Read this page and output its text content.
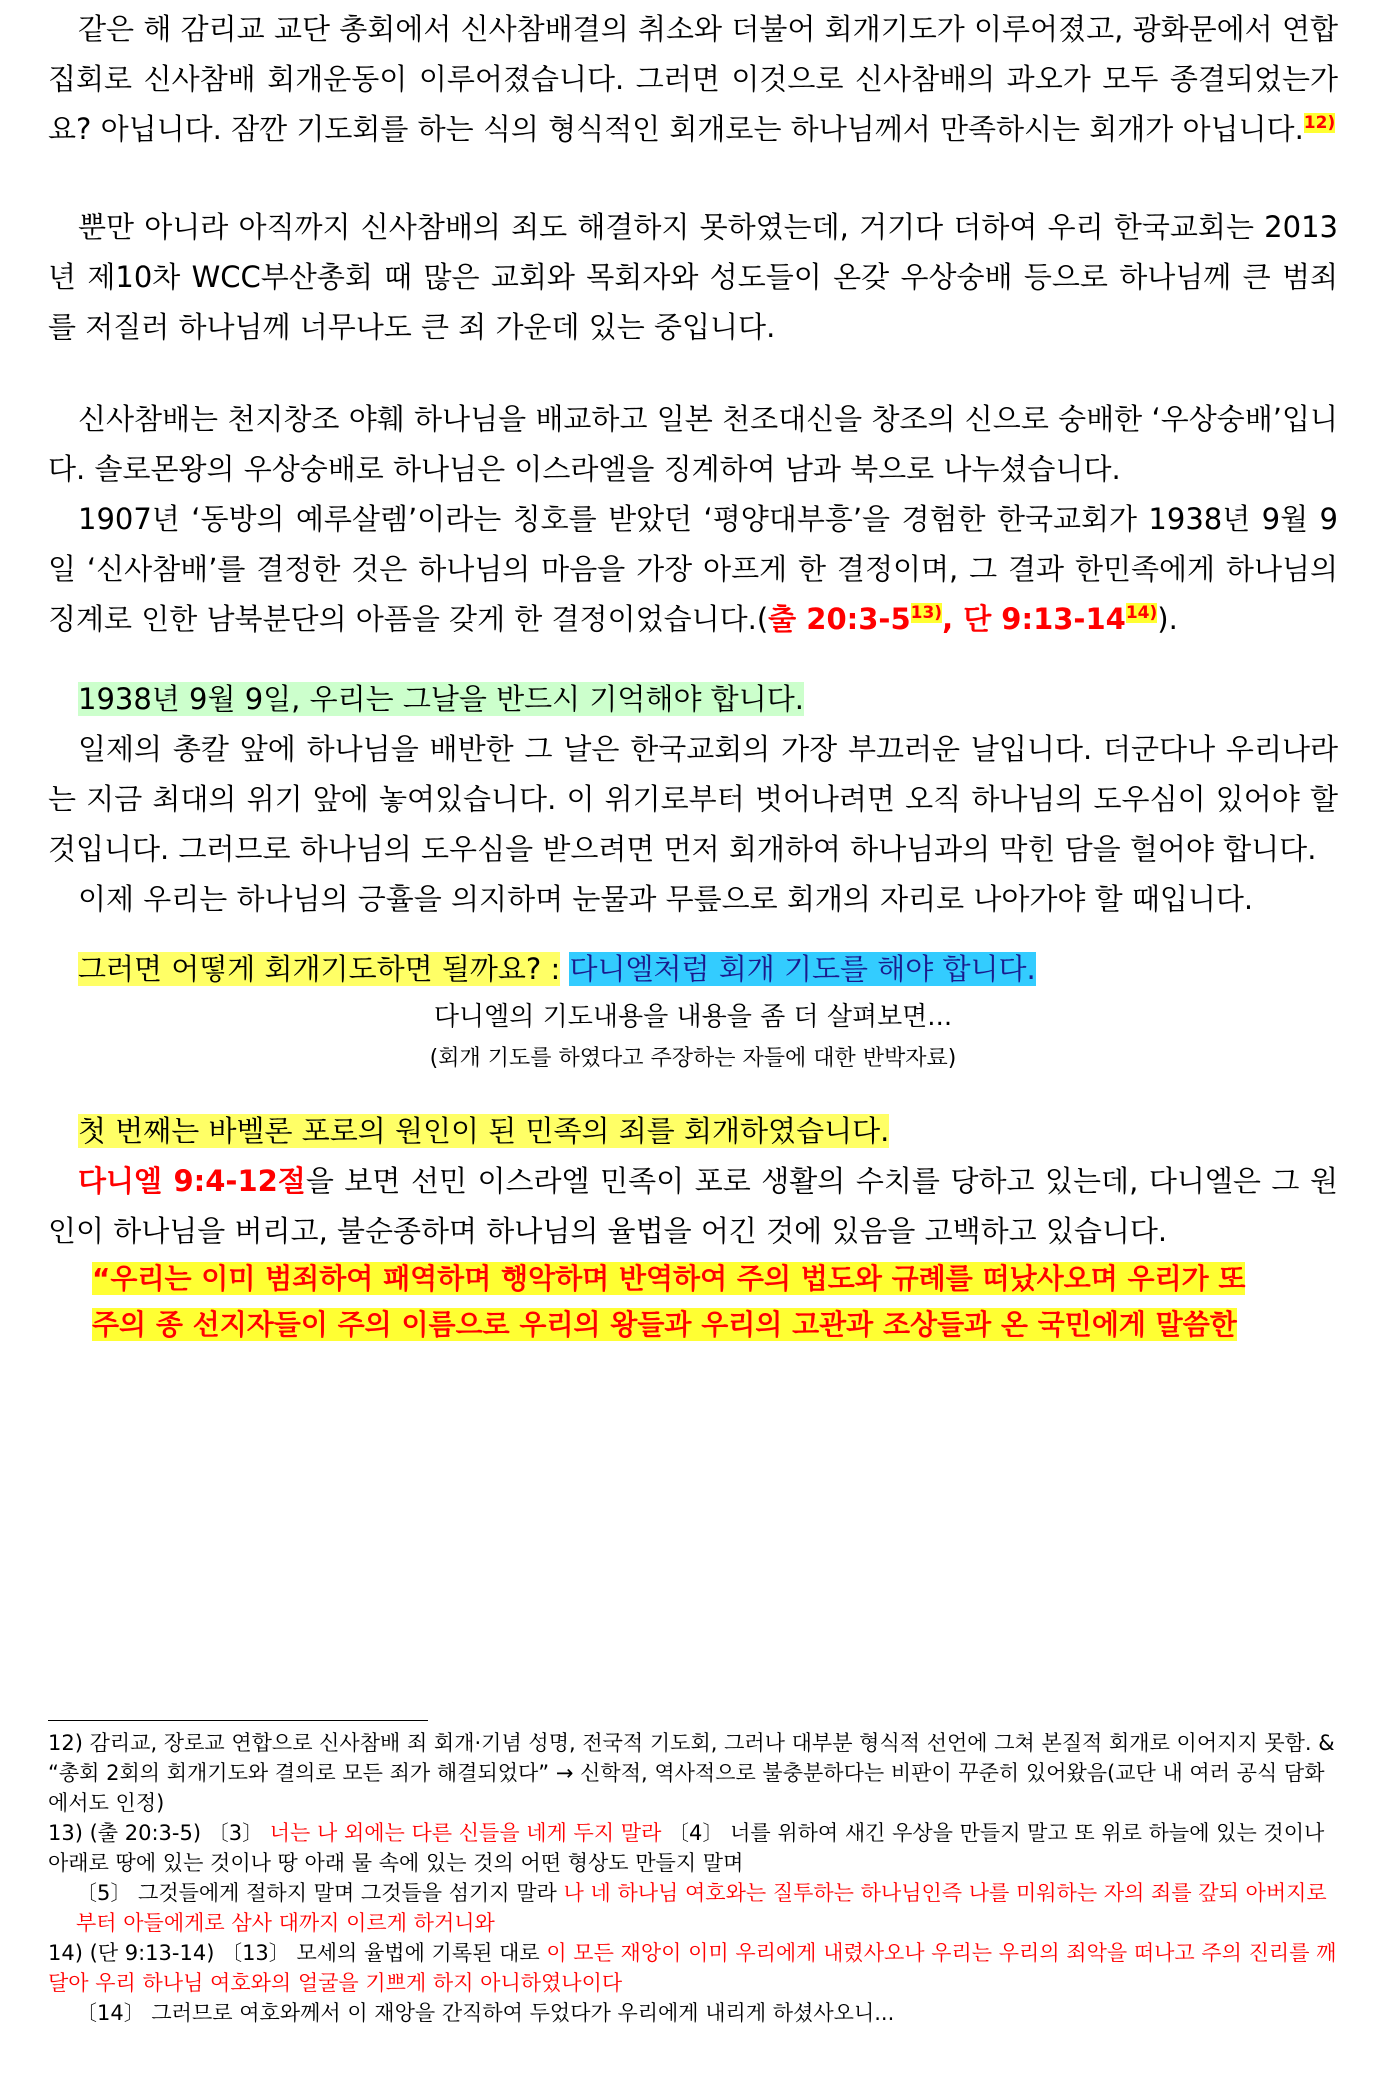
같은 해 감리교 교단 총회에서 신사참배결의 취소와 더불어 회개기도가 이루어졌고, 광화문에서 연합집회로 신사참배 회개운동이 이루어졌습니다. 그러면 이것으로 신사참배의 과오가 모두 종결되었는가요? 아닙니다. 잠깐 기도회를 하는 식의 형식적인 회개로는 하나님께서 만족하시는 회개가 아닙니다.$^{12)}$

뿐만 아니라 아직까지 신사참배의 죄도 해결하지 못하였는데, 거기다 더하여 우리 한국교회는 2013년 제10차 WCC부산총회 때 많은 교회와 목회자와 성도들이 온갖 우상숭배 등으로 하나님께 큰 범죄를 저질러 하나님께 너무나도 큰 죄 가운데 있는 중입니다.

신사참배는 천지창조 야훼 하나님을 배교하고 일본 천조대신을 창조의 신으로 숭배한 ‘우상숭배’입니다. 솔로몬왕의 우상숭배로 하나님은 이스라엘을 징계하여 남과 북으로 나누셨습니다.

1907년 ‘동방의 예루살렘’이라는 칭호를 받았던 ‘평양대부흥’을 경험한 한국교회가 1938년 9월 9일 ‘신사참배’를 결정한 것은 하나님의 마음을 가장 아프게 한 결정이며, 그 결과 한민족에게 하나님의 징계로 인한 남북분단의 아픔을 갖게 한 결정이었습니다.(출 20:3-5$^{13)}$, 단 9:13-14$^{14)}$).

1938년 9월 9일, 우리는 그날을 반드시 기억해야 합니다.

일제의 총칼 앞에 하나님을 배반한 그 날은 한국교회의 가장 부끄러운 날입니다. 더군다나 우리나라는 지금 최대의 위기 앞에 놓여있습니다. 이 위기로부터 벗어나려면 오직 하나님의 도우심이 있어야 할 것입니다. 그러므로 하나님의 도우심을 받으려면 먼저 회개하여 하나님과의 막힌 담을 헐어야 합니다.

이제 우리는 하나님의 긍휼을 의지하며 눈물과 무릎으로 회개의 자리로 나아가야 할 때입니다.

그러면 어떻게 회개기도하면 될까요? : 다니엘처럼 회개 기도를 해야 합니다.

다니엘의 기도내용을 내용을 좀 더 살펴보면...

(회개 기도를 하였다고 주장하는 자들에 대한 반박자료)

첫 번째는 바벨론 포로의 원인이 된 민족의 죄를 회개하였습니다.

다니엘 9:4-12절을 보면 선민 이스라엘 민족이 포로 생활의 수치를 당하고 있는데, 다니엘은 그 원인이 하나님을 버리고, 불순종하며 하나님의 율법을 어긴 것에 있음을 고백하고 있습니다.

“우리는 이미 범죄하여 패역하며 행악하며 반역하여 주의 법도와 규례를 떠났사오며 우리가 또
주의 종 선지자들이 주의 이름으로 우리의 왕들과 우리의 고관과 조상들과 온 국민에게 말씀한

12) 감리교, 장로교 연합으로 신사참배 죄 회개·기념 성명, 전국적 기도회, 그러나 대부분 형식적 선언에 그쳐 본질적 회개로 이어지지 못함. & “총회 2회의 회개기도와 결의로 모든 죄가 해결되었다” → 신학적, 역사적으로 불충분하다는 비판이 꾸준히 있어왔음(교단 내 여러 공식 담화에서도 인정)

13) (출 20:3-5) 〔3〕 너는 나 외에는 다른 신들을 네게 두지 말라 〔4〕 너를 위하여 새긴 우상을 만들지 말고 또 위로 하늘에 있는 것이나 아래로 땅에 있는 것이나 땅 아래 물 속에 있는 것의 어떤 형상도 만들지 말며

〔5〕 그것들에게 절하지 말며 그것들을 섬기지 말라 나 네 하나님 여호와는 질투하는 하나님인즉 나를 미워하는 자의 죄를 갚되 아버지로부터 아들에게로 삼사 대까지 이르게 하거니와

14) (단 9:13-14) 〔13〕 모세의 율법에 기록된 대로 이 모든 재앙이 이미 우리에게 내렸사오나 우리는 우리의 죄악을 떠나고 주의 진리를 깨달아 우리 하나님 여호와의 얼굴을 기쁘게 하지 아니하였나이다

〔14〕 그러므로 여호와께서 이 재앙을 간직하여 두었다가 우리에게 내리게 하셨사오니...
